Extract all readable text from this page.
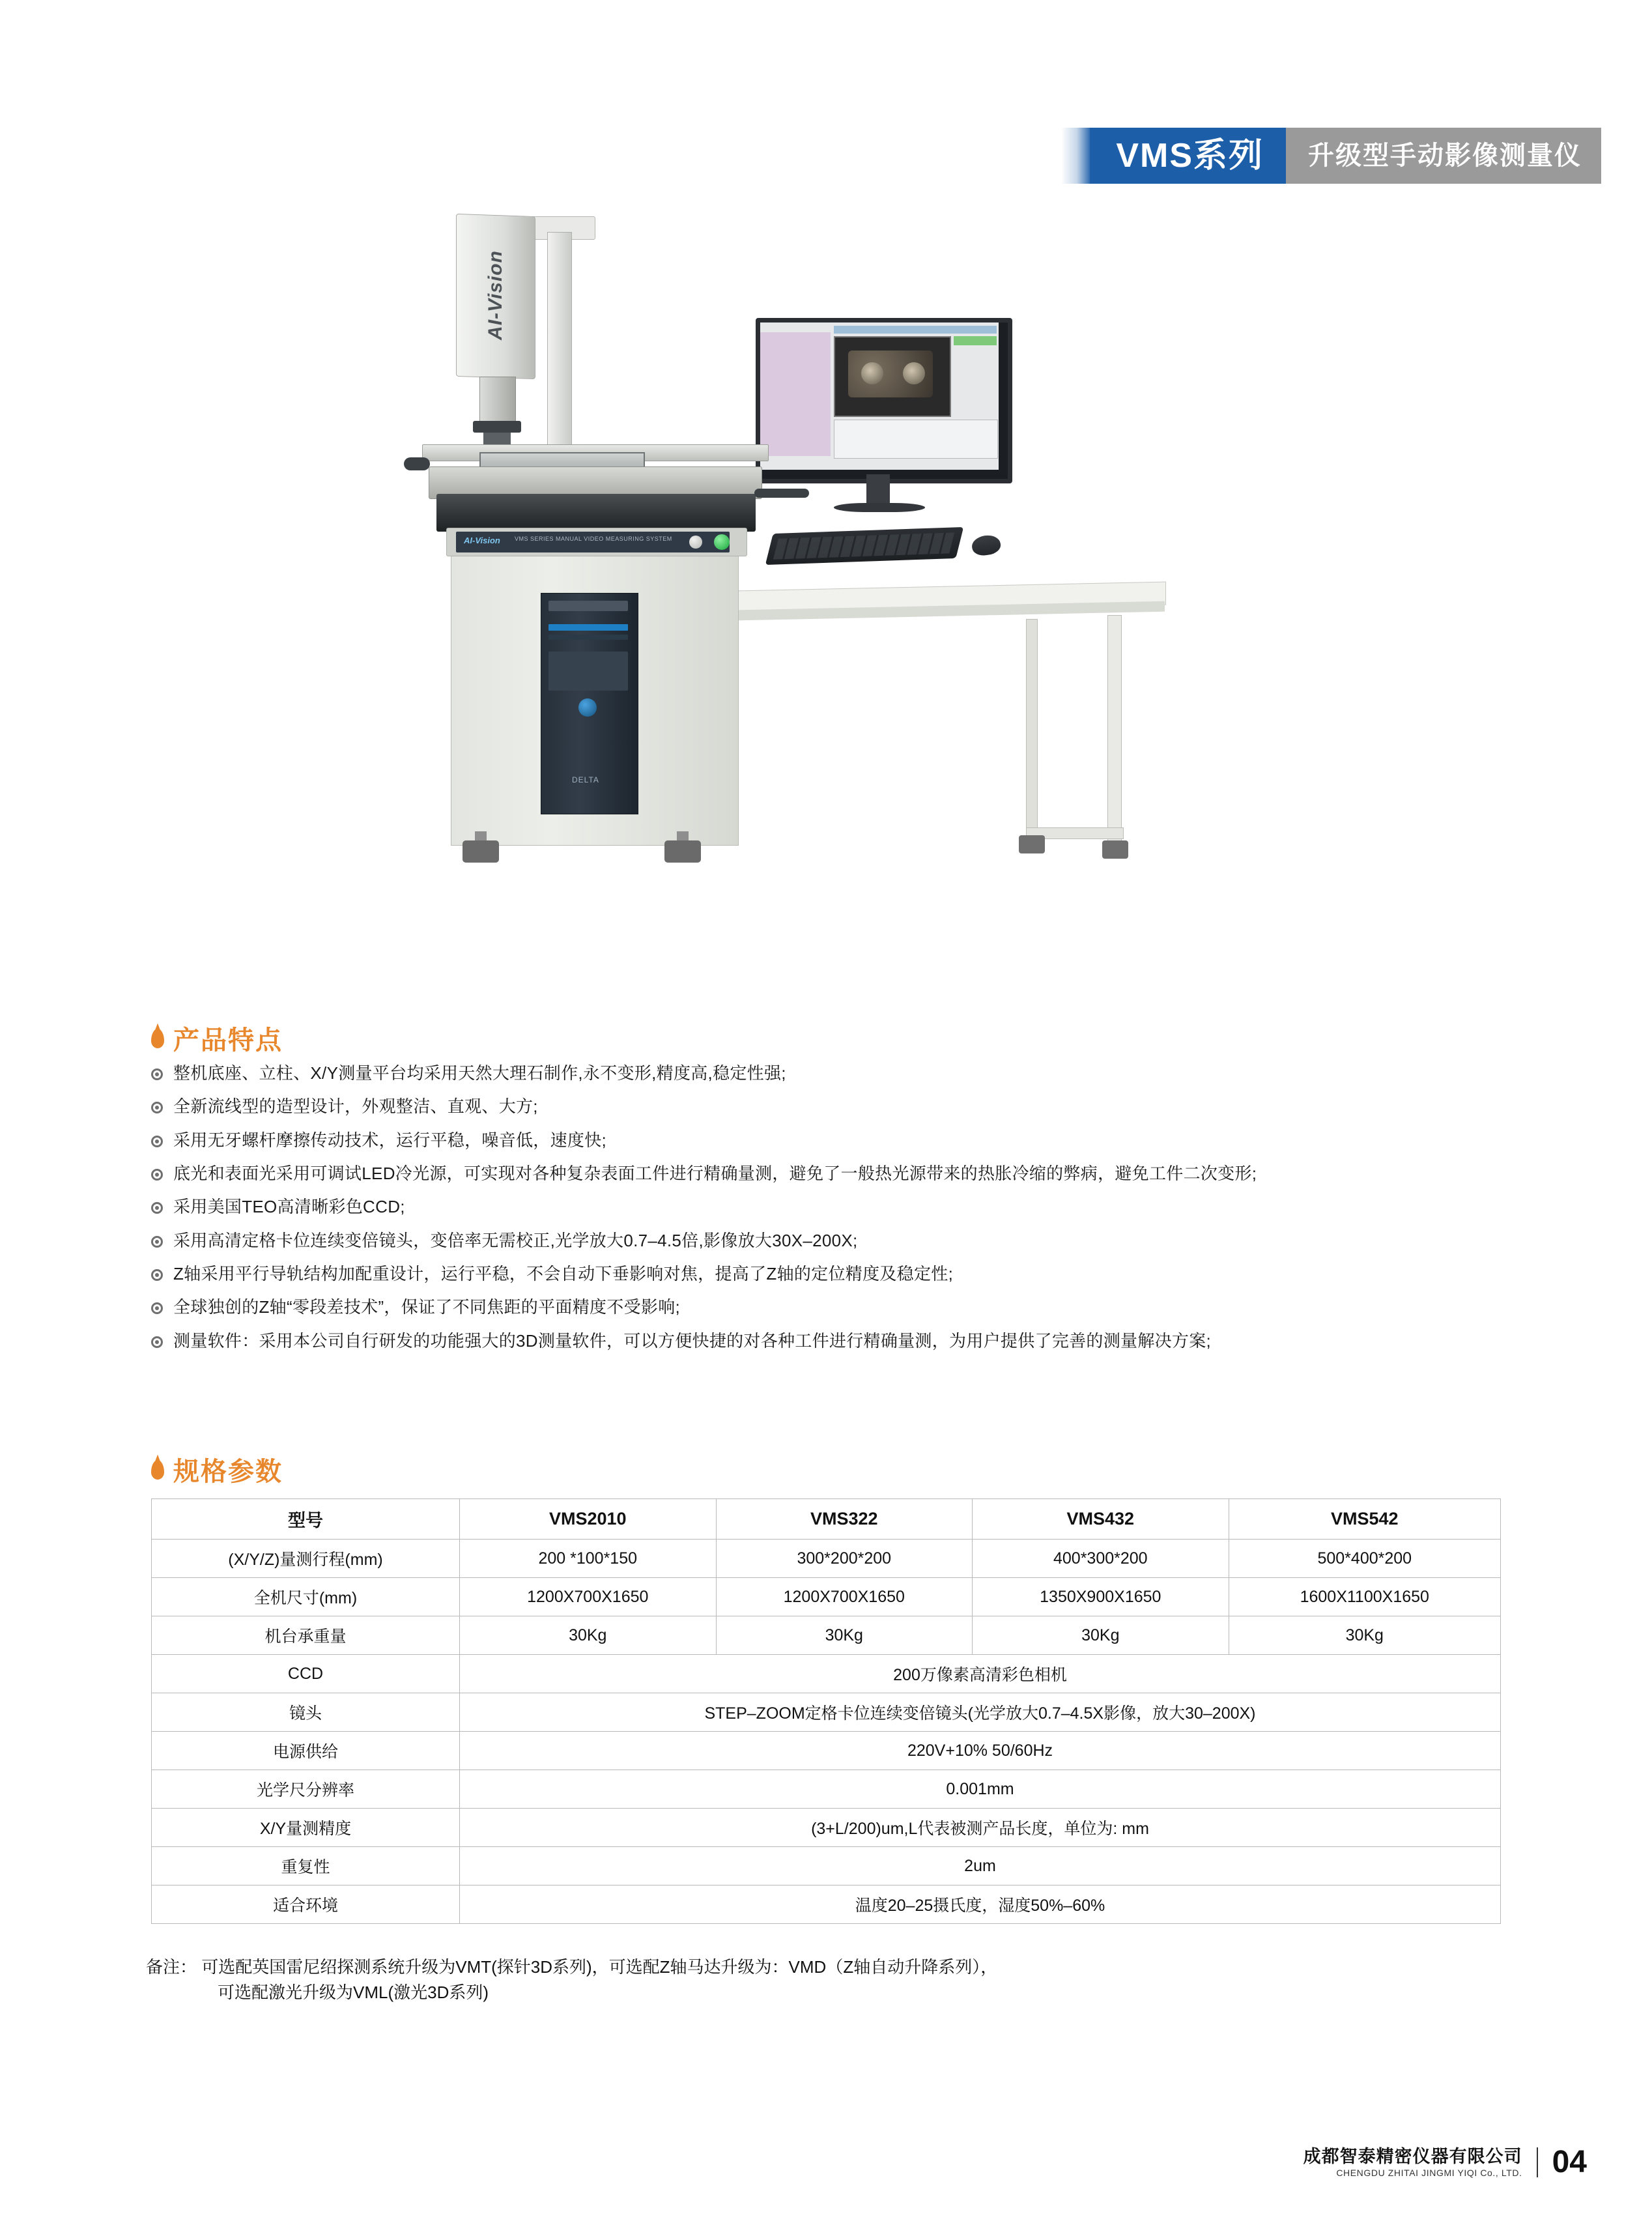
VMS系列	升级型手动影像测量仪
AI-Vision
AI-Vision VMS SERIES MANUAL VIDEO MEASURING SYSTEM
DELTA
产品特点
整机底座、立柱、X/Y测量平台均采用天然大理石制作,永不变形,精度高,稳定性强;
全新流线型的造型设计，外观整洁、直观、大方;
采用无牙螺杆摩擦传动技术，运行平稳，噪音低，速度快;
底光和表面光采用可调试LED冷光源，可实现对各种复杂表面工件进行精确量测，避免了一般热光源带来的热胀冷缩的弊病，避免工件二次变形;
采用美国TEO高清晰彩色CCD;
采用高清定格卡位连续变倍镜头，变倍率无需校正,光学放大0.7–4.5倍,影像放大30X–200X;
Z轴采用平行导轨结构加配重设计，运行平稳，不会自动下垂影响对焦，提高了Z轴的定位精度及稳定性;
全球独创的Z轴“零段差技术”，保证了不同焦距的平面精度不受影响;
测量软件：采用本公司自行研发的功能强大的3D测量软件，可以方便快捷的对各种工件进行精确量测，为用户提供了完善的测量解决方案;
规格参数
型号	VMS2010	VMS322	VMS432	VMS542
(X/Y/Z)量测行程(mm)	200 *100*150	300*200*200	400*300*200	500*400*200
全机尺寸(mm)	1200X700X1650	1200X700X1650	1350X900X1650	1600X1100X1650
机台承重量	30Kg	30Kg	30Kg	30Kg
CCD	200万像素高清彩色相机			
镜头	STEP–ZOOM定格卡位连续变倍镜头(光学放大0.7–4.5X影像，放大30–200X)			
电源供给	220V+10% 50/60Hz			
光学尺分辨率	0.001mm			
X/Y量测精度	(3+L/200)um,L代表被测产品长度，单位为: mm			
重复性	2um			
适合环境	温度20–25摄氏度，湿度50%–60%			
备注： 可选配英国雷尼绍探测系统升级为VMT(探针3D系列)，可选配Z轴马达升级为：VMD（Z轴自动升降系列），
可选配激光升级为VML(激光3D系列)
成都智泰精密仪器有限公司
CHENGDU ZHITAI JINGMI YIQI Co., LTD. 04
